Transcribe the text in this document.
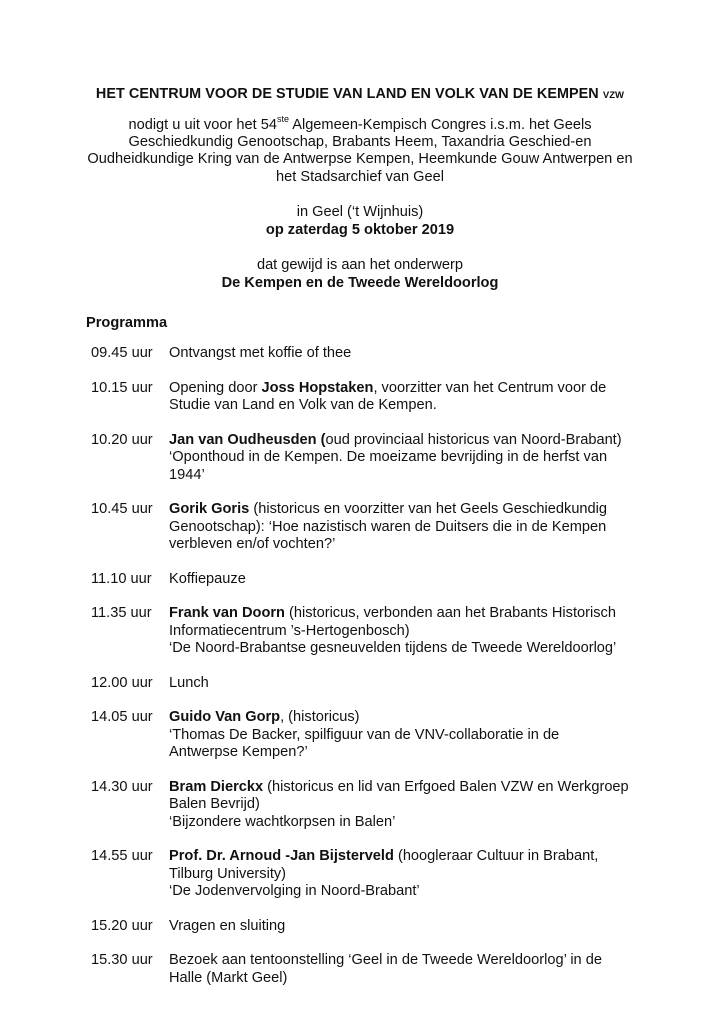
HET CENTRUM VOOR DE STUDIE VAN LAND EN VOLK VAN DE KEMPEN VZW

nodigt u uit voor het 54ste Algemeen-Kempisch Congres i.s.m. het Geels
Geschiedkundig Genootschap, Brabants Heem, Taxandria Geschied-en
Oudheidkundige Kring van de Antwerpse Kempen, Heemkunde Gouw Antwerpen en
het Stadsarchief van Geel
in Geel (‘t Wijnhuis)
op zaterdag 5 oktober 2019
dat gewijd is aan het onderwerp
De Kempen en de Tweede Wereldoorlog

Programma

09.45 uur	Ontvangst met koffie of thee
10.15 uur	Opening door Joss Hopstaken, voorzitter van het Centrum voor de
Studie van Land en Volk van de Kempen.
10.20 uur	Jan van Oudheusden (oud provinciaal historicus van Noord-Brabant)
‘Oponthoud in de Kempen. De moeizame bevrijding in de herfst van
1944’
10.45 uur	Gorik Goris (historicus en voorzitter van het Geels Geschiedkundig
Genootschap): ‘Hoe nazistisch waren de Duitsers die in de Kempen
verbleven en/of vochten?’
11.10 uur	Koffiepauze
11.35 uur	Frank van Doorn (historicus, verbonden aan het Brabants Historisch
Informatiecentrum ’s-Hertogenbosch)
‘De Noord-Brabantse gesneuvelden tijdens de Tweede Wereldoorlog’
12.00 uur	Lunch
14.05 uur	Guido Van Gorp, (historicus)
‘Thomas De Backer, spilfiguur van de VNV-collaboratie in de
Antwerpse Kempen?’
14.30 uur	Bram Dierckx (historicus en lid van Erfgoed Balen VZW en Werkgroep
Balen Bevrijd)
‘Bijzondere wachtkorpsen in Balen’
14.55 uur	Prof. Dr. Arnoud -Jan Bijsterveld (hoogleraar Cultuur in Brabant,
Tilburg University)
‘De Jodenvervolging in Noord-Brabant’
15.20 uur	Vragen en sluiting
15.30 uur	Bezoek aan tentoonstelling ‘Geel in de Tweede Wereldoorlog’ in de
Halle (Markt Geel)
